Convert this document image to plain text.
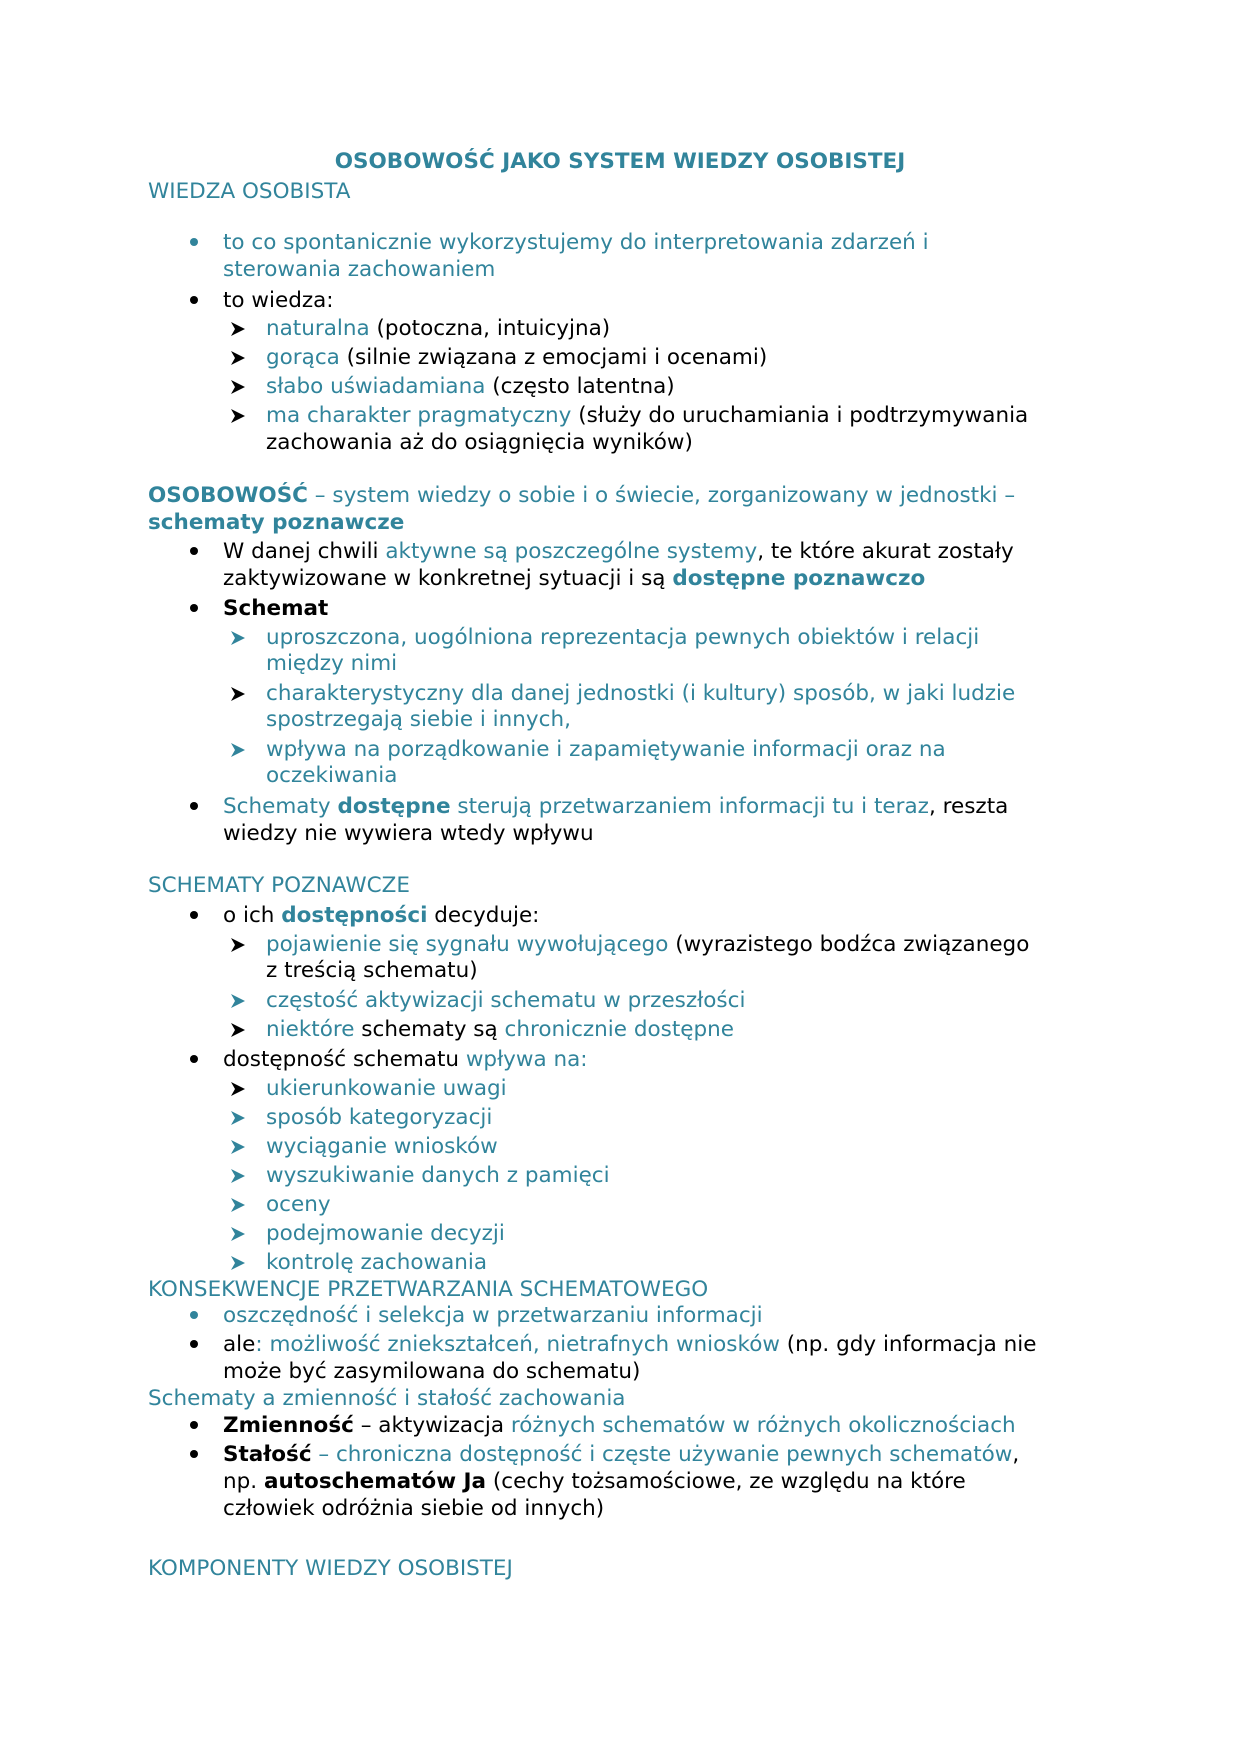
OSOBOWOŚĆ JAKO SYSTEM WIEDZY OSOBISTEJ
WIEDZA OSOBISTA
to co spontanicznie wykorzystujemy do interpretowania zdarzeń i
sterowania zachowaniem
to wiedza:
naturalna (potoczna, intuicyjna)
gorąca (silnie związana z emocjami i ocenami)
słabo uświadamiana (często latentna)
ma charakter pragmatyczny (służy do uruchamiania i podtrzymywania
zachowania aż do osiągnięcia wyników)
OSOBOWOŚĆ – system wiedzy o sobie i o świecie, zorganizowany w jednostki –
schematy poznawcze
W danej chwili aktywne są poszczególne systemy, te które akurat zostały
zaktywizowane w konkretnej sytuacji i są dostępne poznawczo
Schemat
uproszczona, uogólniona reprezentacja pewnych obiektów i relacji
między nimi
charakterystyczny dla danej jednostki (i kultury) sposób, w jaki ludzie
spostrzegają siebie i innych,
wpływa na porządkowanie i zapamiętywanie informacji oraz na
oczekiwania
Schematy dostępne sterują przetwarzaniem informacji tu i teraz, reszta
wiedzy nie wywiera wtedy wpływu
SCHEMATY POZNAWCZE
o ich dostępności decyduje:
pojawienie się sygnału wywołującego (wyrazistego bodźca związanego
z treścią schematu)
częstość aktywizacji schematu w przeszłości
niektóre schematy są chronicznie dostępne
dostępność schematu wpływa na:
ukierunkowanie uwagi
sposób kategoryzacji
wyciąganie wniosków
wyszukiwanie danych z pamięci
oceny
podejmowanie decyzji
kontrolę zachowania
KONSEKWENCJE PRZETWARZANIA SCHEMATOWEGO
oszczędność i selekcja w przetwarzaniu informacji
ale: możliwość zniekształceń, nietrafnych wniosków (np. gdy informacja nie
może być zasymilowana do schematu)
Schematy a zmienność i stałość zachowania
Zmienność – aktywizacja różnych schematów w różnych okolicznościach
Stałość – chroniczna dostępność i częste używanie pewnych schematów,
np. autoschematów Ja (cechy tożsamościowe, ze względu na które
człowiek odróżnia siebie od innych)
KOMPONENTY WIEDZY OSOBISTEJ
